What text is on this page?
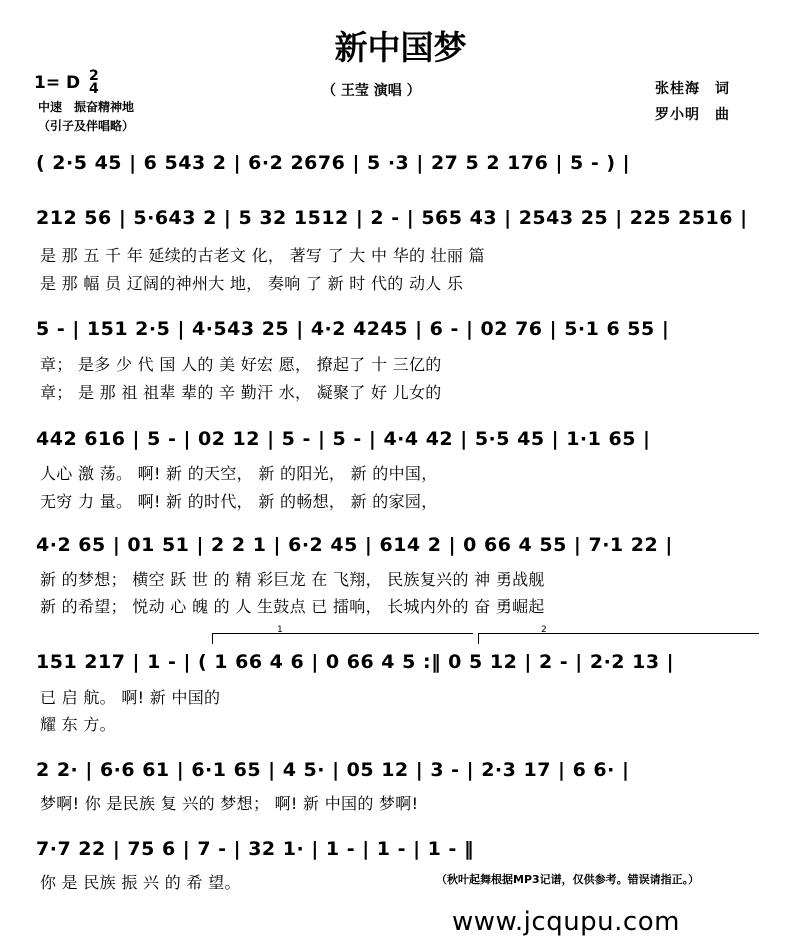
新中国梦
1= D 2
4
中速　振奋精神地
（引子及伴唱略）
（ 王莹 演唱 ）	张桂海　词
罗小明　曲
( 2·5 45 | 6 543 2 | 6·2 2676 | 5 ·3 | 27 5 2 176 | 5 - ) |
212 56 | 5·643 2 | 5 32 1512 | 2 - | 565 43 | 2543 25 | 225 2516 |
是 那 五 千 年 延续的古老文 化， 著写 了 大 中 华的 壮丽 篇
是 那 幅 员 辽阔的神州大 地， 奏响 了 新 时 代的 动人 乐
5 - | 151 2·5 | 4·543 25 | 4·2 4245 | 6 - | 02 76 | 5·1 6 55 |
章； 是多 少 代 国 人的 美 好宏 愿， 撩起了 十 三亿的
章； 是 那 祖 祖辈 辈的 辛 勤汗 水， 凝聚了 好 儿女的
442 616 | 5 - | 02 12 | 5 - | 5 - | 4·4 42 | 5·5 45 | 1·1 65 |
人心 激 荡。 啊! 新 的天空， 新 的阳光， 新 的中国，
无穷 力 量。 啊! 新 的时代， 新 的畅想， 新 的家园，
4·2 65 | 01 51 | 2 2 1 | 6·2 45 | 614 2 | 0 66 4 55 | 7·1 22 |
新 的梦想； 横空 跃 世 的 精 彩巨龙 在 飞翔， 民族复兴的 神 勇战舰
新 的希望； 悦动 心 魄 的 人 生鼓点 已 擂响， 长城内外的 奋 勇崛起
1	2
151 217 | 1 - | ( 1 66 4 6 | 0 66 4 5 :‖ 0 5 12 | 2 - | 2·2 13 |
已 启 航。 啊! 新 中国的
耀 东 方。
2 2· | 6·6 61 | 6·1 65 | 4 5· | 05 12 | 3 - | 2·3 17 | 6 6· |
梦啊! 你 是民族 复 兴的 梦想； 啊! 新 中国的 梦啊!
7·7 22 | 75 6 | 7 - | 32 1· | 1 - | 1 - | 1 - ‖
你 是 民族 振 兴 的 希 望。	（秋叶起舞根据MP3记谱，仅供参考。错误请指正。）
www.jcqupu.com
